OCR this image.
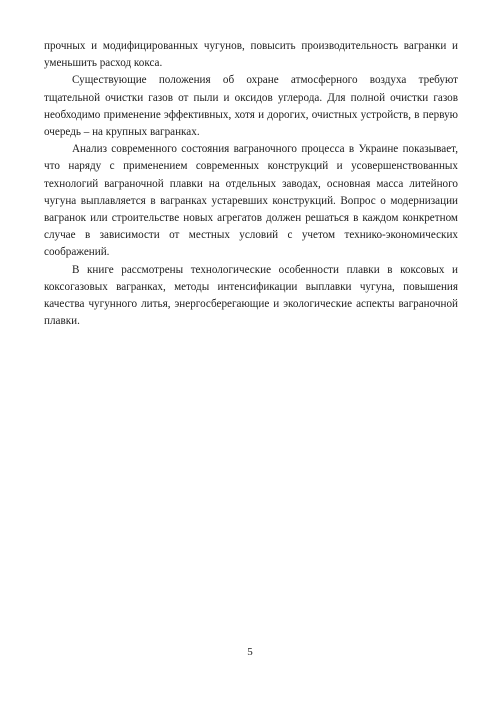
прочных и модифицированных чугунов, повысить производительность вагранки и уменьшить расход кокса.

Существующие положения об охране атмосферного воздуха требуют тщательной очистки газов от пыли и оксидов углерода. Для полной очистки газов необходимо применение эффективных, хотя и дорогих, очистных устройств, в первую очередь – на крупных вагранках.

Анализ современного состояния ваграночного процесса в Украине показывает, что наряду с применением современных конструкций и усовершенствованных технологий ваграночной плавки на отдельных заводах, основная масса литейного чугуна выплавляется в вагранках устаревших конструкций. Вопрос о модернизации вагранок или строительстве новых агрегатов должен решаться в каждом конкретном случае в зависимости от местных условий с учетом технико-экономических соображений.

В книге рассмотрены технологические особенности плавки в коксовых и коксогазовых вагранках, методы интенсификации выплавки чугуна, повышения качества чугунного литья, энергосберегающие и экологические аспекты ваграночной плавки.

5
